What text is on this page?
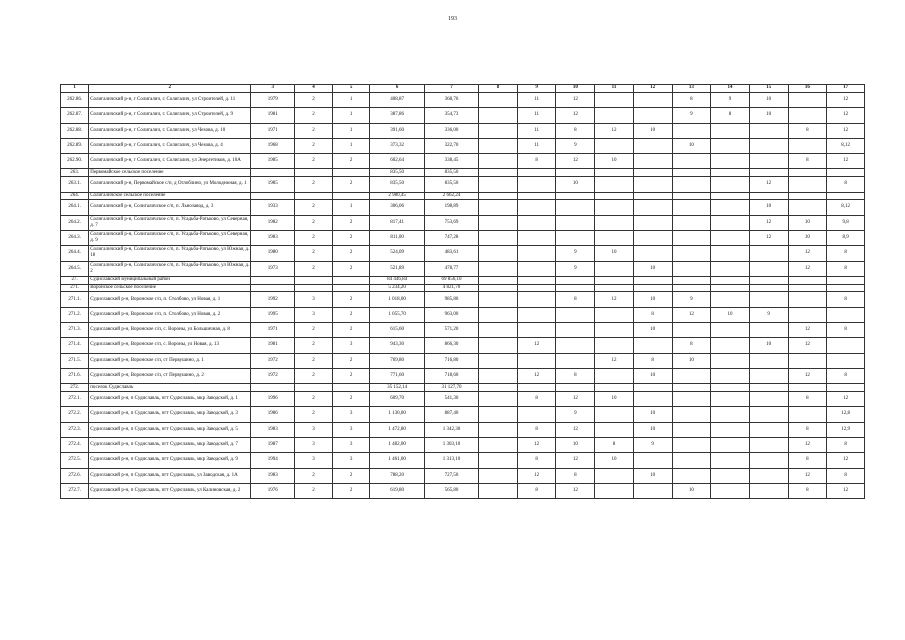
193
1	2	3	4	5	6	7	8	9	10	11	12	13	14	15	16	17
262.86.	Солигаличский р-н, г Солигалич, г. Солигалич, ул Строителей, д. 11	1979	2	1	408,87	368,76		11	12			8	9	10		12
262.87.	Солигаличский р-н, г Солигалич, г. Солигалич, ул Строителей, д. 9	1981	2	1	387,86	354,73		11	12			9	8	10		12
262.88.	Солигаличский р-н, г Солигалич, г. Солигалич, ул Чехова, д. 10	1971	2	1	391,60	336,00		11	8	12	10				8	12
262.89.	Солигаличский р-н, г Солигалич, г. Солигалич, ул Чехова, д. 4	1968	2	1	373,32	322,70		11	9			10				8,12
262.90.	Солигаличский р-н, г Солигалич, г. Солигалич, ул Энергетиков, д. 10А	1985	2	2	602,64	338,45		8	12	10					8	12
263.	Первомайское сельское поселение				835,50	835,50										
263.1.	Солигаличский р-н, Первомайское с/п, д Оглоблино, ул Молодежная, д. 1	1985	2	2	835,50	835,50			10					12		8
264.	Солигаличское сельское поселение				2 980,45	2 662,24										
264.1.	Солигаличский р-н, Солигаличское с/п, п. Льнозавод, д. 3	1933	2	1	306,06	198,89								10		8,12
264.2.	Солигаличский р-н, Солигаличское с/п, п. Усадьба-Ратьково, ул Северная, д. 7	1982	2	2	817,41	753,69								12	10	9,8
264.3.	Солигаличский р-н, Солигаличское с/п, п. Усадьба-Ратьково, ул Северная, д. 9	1983	2	2	811,00	747,28								12	10	8,9
264.4.	Солигаличский р-н, Солигаличское с/п, п. Усадьба-Ратьково, ул Южная, д. 18	1980	2	2	524,09	483,61			9	10					12	8
264.5.	Солигаличский р-н, Солигаличское с/п, п. Усадьба-Ратьково, ул Южная, д. 2	1973	2	2	521,89	478,77			9		10				12	8
27.	Судиславский муниципальный район				84 446,84	69 856,10										
271.	Воронское сельское поселение				5 234,20	4 821,70										
271.1.	Судиславский р-н, Воронское с/п, п. Столбово, ул Новая, д. 1	1992	3	2	1 018,00	985,80			8	12	10	9				8
271.2.	Судиславский р-н, Воронское с/п, п. Столбово, ул Новая, д. 2	1995	3	2	1 055,70	963,00					8	12	10	9		
271.3.	Судиславский р-н, Воронское с/п, с. Вороны, ул Большичная, д. 8	1971	2	2	615,60	571,20					10				12	8
271.4.	Судиславский р-н, Воронское с/п, с. Вороны, ул Новая, д. 13	1981	2	3	943,30	866,30		12				8		10	12	
271.5.	Судиславский р-н, Воронское с/п, ст Первушино, д. 1	1972	2	2	769,80	716,80				12	8	10				
271.6.	Судиславский р-н, Воронское с/п, ст Первушино, д. 2	1972	2	2	771,60	718,60		12	8		10				12	8
272.	поселок Судиславль				35 152,14	31 127,70										
272.1.	Судиславский р-н, п Судиславль, пгт Судиславль, мкр Заводской, д. 1	1996	2	2	609,70	541,30		8	12	10					8	12
272.2.	Судиславский р-н, п Судиславль, пгт Судиславль, мкр Заводской, д. 3	1986	2	3	1 130,00	887,40			9		10					12,8
272.3.	Судиславский р-н, п Судиславль, пгт Судиславль, мкр Заводской, д. 5	1983	3	3	1 472,80	1 342,30		8	12		10				8	12,9
272.4.	Судиславский р-н, п Судиславль, пгт Судиславль, мкр Заводской, д. 7	1987	3	3	1 482,00	1 303,10		12	10	8	9				12	8
272.5.	Судиславский р-н, п Судиславль, пгт Судиславль, мкр Заводской, д. 9	1994	3	3	1 461,00	1 313,10		8	12	10					8	12
272.6.	Судиславский р-н, п Судиславль, пгт Судиславль, ул Заводская, д. 1А	1983	2	2	788,20	727,50		12	8		10				12	8
272.7.	Судиславский р-н, п Судиславль, пгт Судиславль, ул Калиновская, д. 2	1976	2	2	619,80	565,80		8	12			10			8	12
